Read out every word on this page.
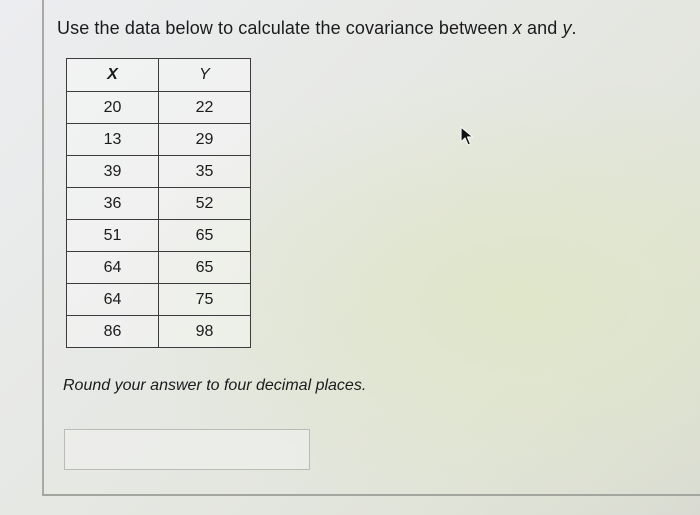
Use the data below to calculate the covariance between x and y.
X	Y
20	22
13	29
39	35
36	52
51	65
64	65
64	75
86	98
Round your answer to four decimal places.
